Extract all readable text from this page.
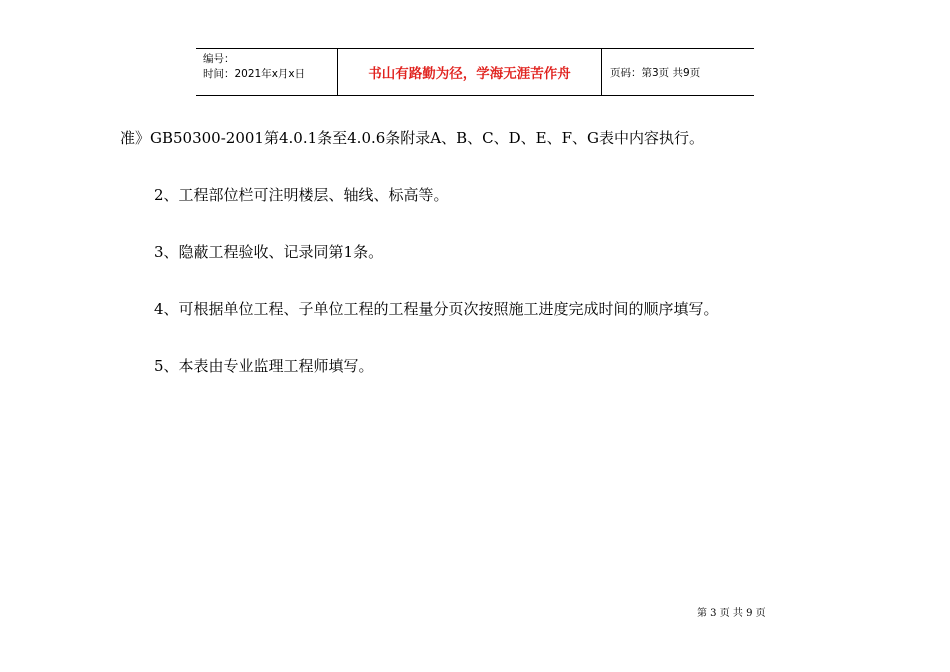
编号：
时间：2021年x月x日	书山有路勤为径，学海无涯苦作舟	页码：第3页 共9页
准》GB50300-2001第4.0.1条至4.0.6条附录A、B、C、D、E、F、G表中内容执行。
2、工程部位栏可注明楼层、轴线、标高等。
3、隐蔽工程验收、记录同第1条。
4、可根据单位工程、子单位工程的工程量分页次按照施工进度完成时间的顺序填写。
5、本表由专业监理工程师填写。
第 3 页 共 9 页
